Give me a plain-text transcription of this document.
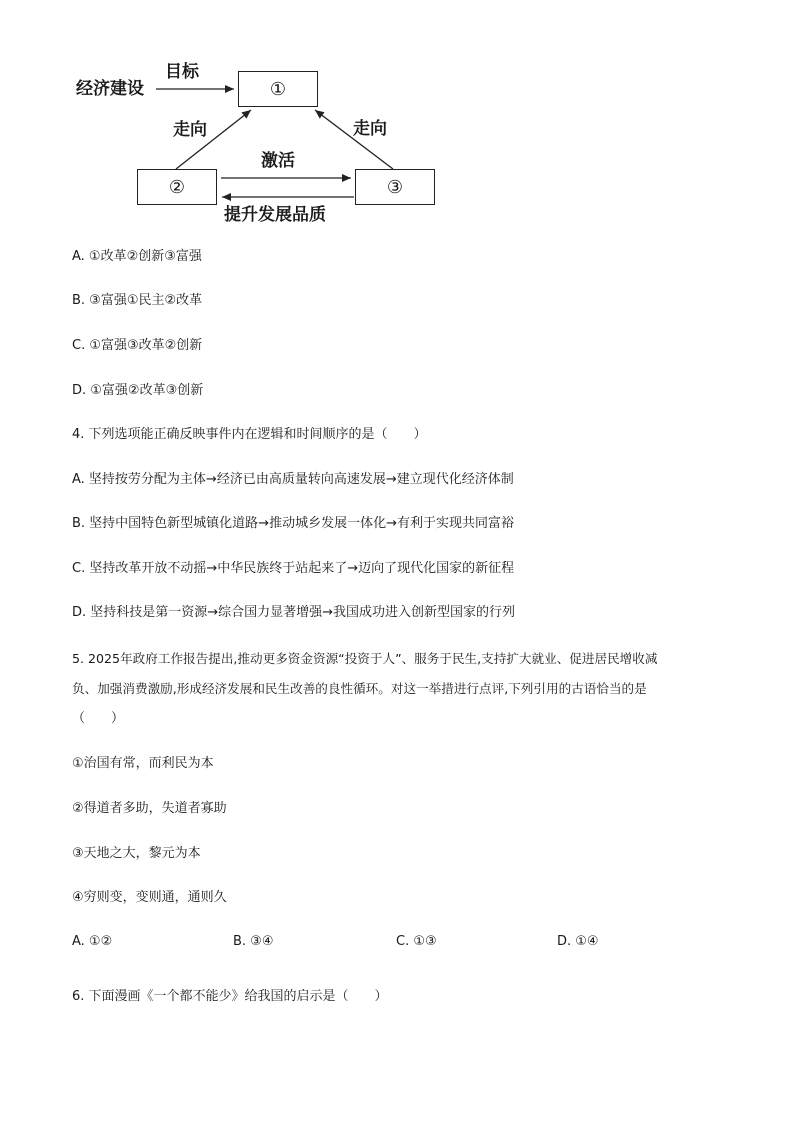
经济建设
目标
①
②	③
走向	走向
激活
提升发展品质
A. ①改革②创新③富强
B. ③富强①民主②改革
C. ①富强③改革②创新
D. ①富强②改革③创新
4. 下列选项能正确反映事件内在逻辑和时间顺序的是（　　）
A. 坚持按劳分配为主体→经济已由高质量转向高速发展→建立现代化经济体制
B. 坚持中国特色新型城镇化道路→推动城乡发展一体化→有利于实现共同富裕
C. 坚持改革开放不动摇→中华民族终于站起来了→迈向了现代化国家的新征程
D. 坚持科技是第一资源→综合国力显著增强→我国成功进入创新型国家的行列
5. 2025年政府工作报告提出,推动更多资金资源“投资于人”、服务于民生,支持扩大就业、促进居民增收减
负、加强消费激励,形成经济发展和民生改善的良性循环。对这一举措进行点评,下列引用的古语恰当的是
（　　）
①治国有常，而利民为本
②得道者多助，失道者寡助
③天地之大，黎元为本
④穷则变，变则通，通则久
A. ①②	B. ③④	C. ①③	D. ①④
6. 下面漫画《一个都不能少》给我国的启示是（　　）
